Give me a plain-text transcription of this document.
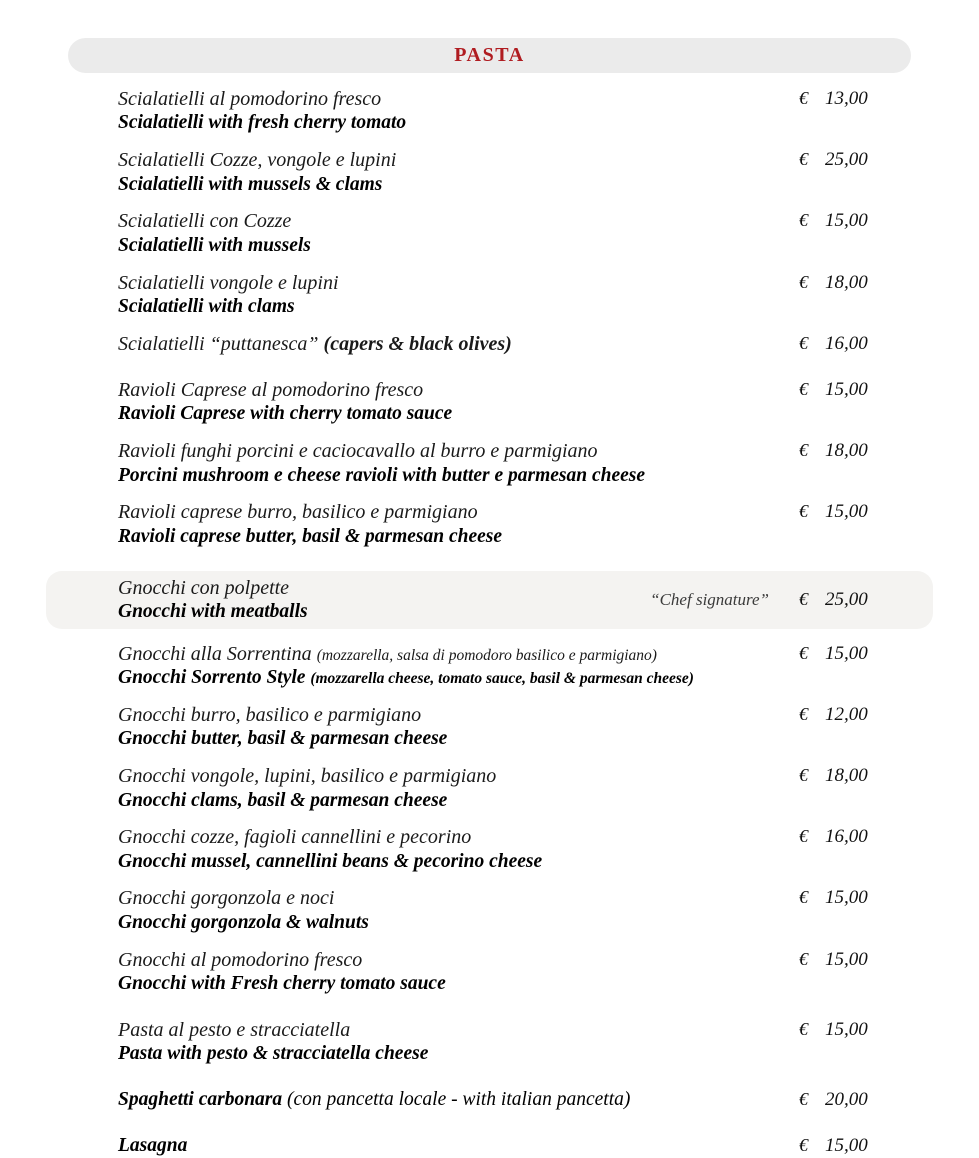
PASTA
Scialatielli al pomodorino fresco
Scialatielli with fresh cherry tomato
€ 13,00
Scialatielli Cozze, vongole e lupini
Scialatielli with mussels & clams
€ 25,00
Scialatielli con Cozze
Scialatielli with mussels
€ 15,00
Scialatielli vongole e lupini
Scialatielli with clams
€ 18,00
Scialatielli “puttanesca” (capers & black olives)	€ 16,00
Ravioli Caprese al pomodorino fresco
Ravioli Caprese with cherry tomato sauce
€ 15,00
Ravioli funghi porcini e caciocavallo al burro e parmigiano
Porcini mushroom e cheese ravioli with butter e parmesan cheese
€ 18,00
Ravioli caprese burro, basilico e parmigiano
Ravioli caprese butter, basil & parmesan cheese
€ 15,00
Gnocchi con polpette
Gnocchi with meatballs
“Chef signature”	€ 25,00
Gnocchi alla Sorrentina (mozzarella, salsa di pomodoro basilico e parmigiano)
Gnocchi Sorrento Style (mozzarella cheese, tomato sauce, basil & parmesan cheese)
€ 15,00
Gnocchi burro, basilico e parmigiano
Gnocchi butter, basil & parmesan cheese
€ 12,00
Gnocchi vongole, lupini, basilico e parmigiano
Gnocchi clams, basil & parmesan cheese
€ 18,00
Gnocchi cozze, fagioli cannellini e pecorino
Gnocchi mussel, cannellini beans & pecorino cheese
€ 16,00
Gnocchi gorgonzola e noci
Gnocchi gorgonzola & walnuts
€ 15,00
Gnocchi al pomodorino fresco
Gnocchi with Fresh cherry tomato sauce
€ 15,00
Pasta al pesto e stracciatella
Pasta with pesto & stracciatella cheese
€ 15,00
Spaghetti carbonara (con pancetta locale - with italian pancetta)	€ 20,00
Lasagna	€ 15,00
